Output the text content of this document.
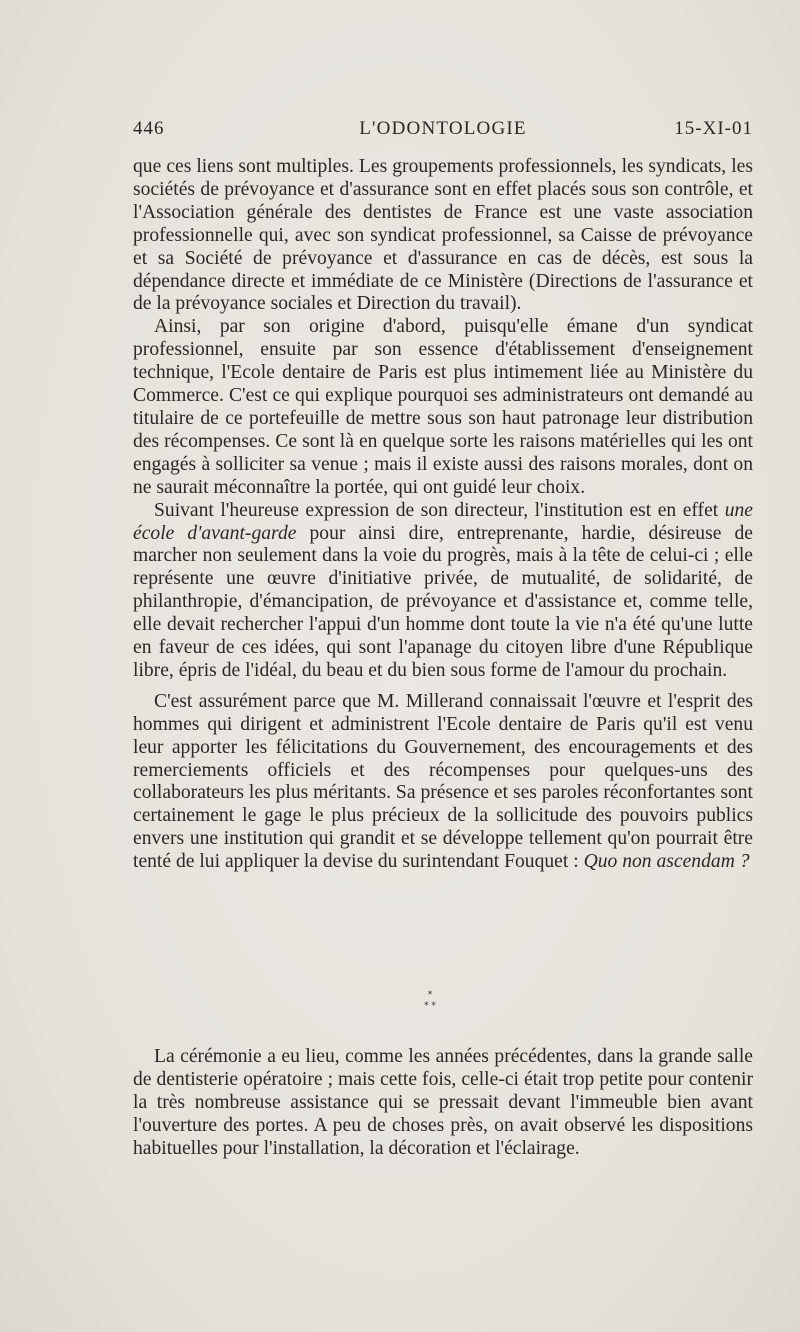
446	L'ODONTOLOGIE	15-XI-01

que ces liens sont multiples. Les groupements professionnels, les syndicats, les sociétés de prévoyance et d'assurance sont en effet placés sous son contrôle, et l'Association générale des dentistes de France est une vaste association professionnelle qui, avec son syndicat professionnel, sa Caisse de prévoyance et sa Société de prévoyance et d'assurance en cas de décès, est sous la dépendance directe et immédiate de ce Ministère (Directions de l'assurance et de la prévoyance sociales et Direction du travail).

Ainsi, par son origine d'abord, puisqu'elle émane d'un syndicat professionnel, ensuite par son essence d'établissement d'enseignement technique, l'Ecole dentaire de Paris est plus intimement liée au Ministère du Commerce. C'est ce qui explique pourquoi ses administrateurs ont demandé au titulaire de ce portefeuille de mettre sous son haut patronage leur distribution des récompenses. Ce sont là en quelque sorte les raisons matérielles qui les ont engagés à solliciter sa venue ; mais il existe aussi des raisons morales, dont on ne saurait méconnaître la portée, qui ont guidé leur choix.

Suivant l'heureuse expression de son directeur, l'institution est en effet une école d'avant-garde pour ainsi dire, entreprenante, hardie, désireuse de marcher non seulement dans la voie du progrès, mais à la tête de celui-ci ; elle représente une œuvre d'initiative privée, de mutualité, de solidarité, de philanthropie, d'émancipation, de prévoyance et d'assistance et, comme telle, elle devait rechercher l'appui d'un homme dont toute la vie n'a été qu'une lutte en faveur de ces idées, qui sont l'apanage du citoyen libre d'une République libre, épris de l'idéal, du beau et du bien sous forme de l'amour du prochain.

C'est assurément parce que M. Millerand connaissait l'œuvre et l'esprit des hommes qui dirigent et administrent l'Ecole dentaire de Paris qu'il est venu leur apporter les félicitations du Gouvernement, des encouragements et des remerciements officiels et des récompenses pour quelques-uns des collaborateurs les plus méritants. Sa présence et ses paroles réconfortantes sont certainement le gage le plus précieux de la sollicitude des pouvoirs publics envers une institution qui grandit et se développe tellement qu'on pourrait être tenté de lui appliquer la devise du surintendant Fouquet : Quo non ascendam ?

*
* *

La cérémonie a eu lieu, comme les années précédentes, dans la grande salle de dentisterie opératoire ; mais cette fois, celle-ci était trop petite pour contenir la très nombreuse assistance qui se pressait devant l'immeuble bien avant l'ouverture des portes. A peu de choses près, on avait observé les dispositions habituelles pour l'installation, la décoration et l'éclairage.
